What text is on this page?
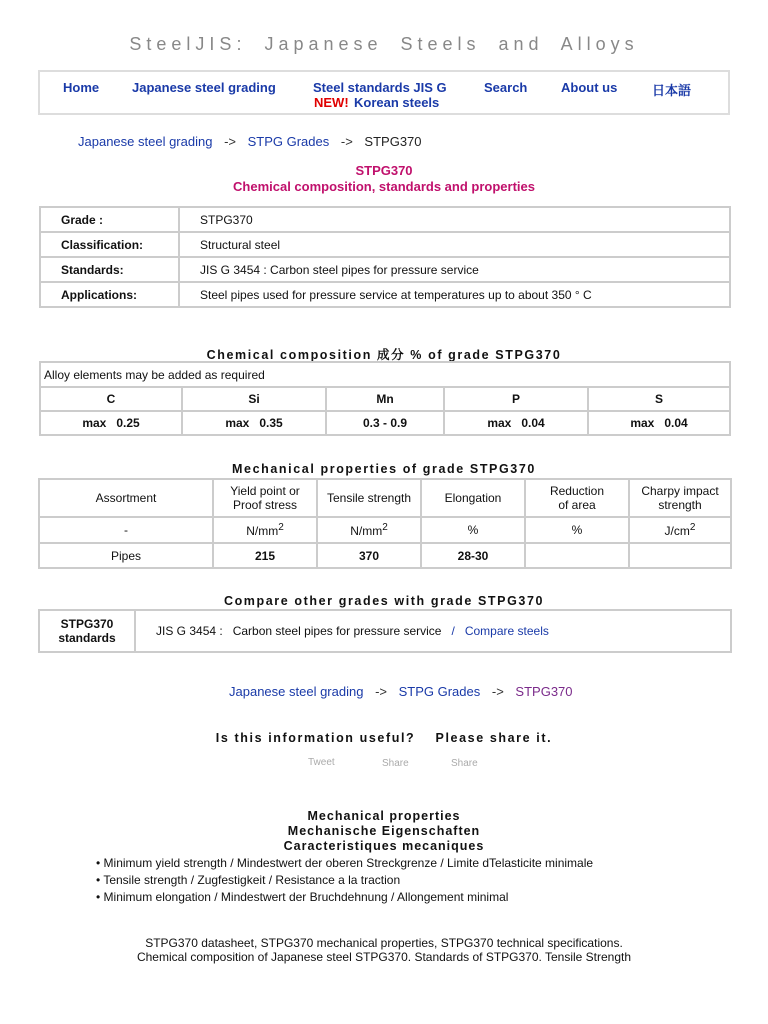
SteelJIS: Japanese Steels and Alloys
Home	Japanese steel grading	Steel standards JIS G
NEW! Korean steels
Search	About us	日本語
Japanese steel grading -> STPG Grades -> STPG370
STPG370
Chemical composition, standards and properties
Grade :	STPG370
Classification:	Structural steel
Standards:	JIS G 3454 : Carbon steel pipes for pressure service
Applications:	Steel pipes used for pressure service at temperatures up to about 350 ° C
Chemical composition 成分 % of grade STPG370
Alloy elements may be added as required				
C	Si	Mn	P	S
max   0.25	max   0.35	0.3 - 0.9	max   0.04	max   0.04
Mechanical properties of grade STPG370
Assortment	Yield point or
Proof stress	Tensile strength	Elongation	Reduction
of area	Charpy impact
strength
-	$N/mm^2$	$N/mm^2$	%	%	$J/cm^2$
Pipes	215	370	28-30		
Compare other grades with grade STPG370
STPG370
standards	JIS G 3454 :   Carbon steel pipes for pressure service / Compare steels
Japanese steel grading -> STPG Grades -> STPG370
Is this information useful?    Please share it.
Tweet	Share	Share
Mechanical properties
Mechanische Eigenschaften
Caracteristiques mecaniques
• Minimum yield strength / Mindestwert der oberen Streckgrenze / Limite dTelasticite minimale
• Tensile strength / Zugfestigkeit / Resistance a la traction
• Minimum elongation / Mindestwert der Bruchdehnung / Allongement minimal
STPG370 datasheet, STPG370 mechanical properties, STPG370 technical specifications.
Chemical composition of Japanese steel STPG370. Standards of STPG370. Tensile Strength
